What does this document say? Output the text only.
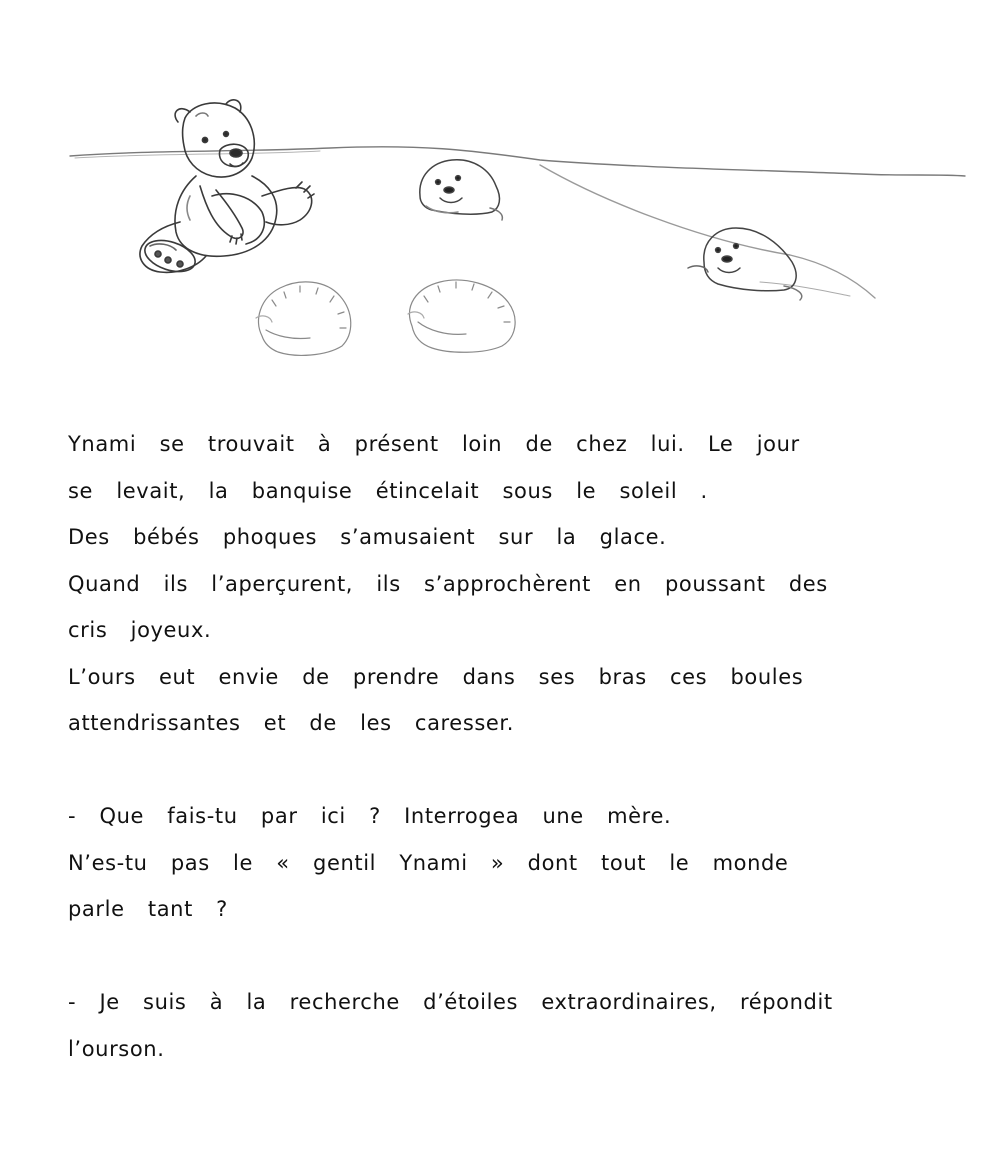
Ynami se trouvait à présent loin de chez lui. Le jour
se levait, la banquise étincelait sous le soleil .
Des bébés phoques s’amusaient sur la glace.
Quand ils l’aperçurent, ils s’approchèrent en poussant des
cris joyeux.
L’ours eut envie de prendre dans ses bras ces boules
attendrissantes et de les caresser.
- Que fais-tu par ici ? Interrogea une mère.
N’es-tu pas le « gentil Ynami » dont tout le monde
parle tant ?
- Je suis à la recherche d’étoiles extraordinaires, répondit
l’ourson.
